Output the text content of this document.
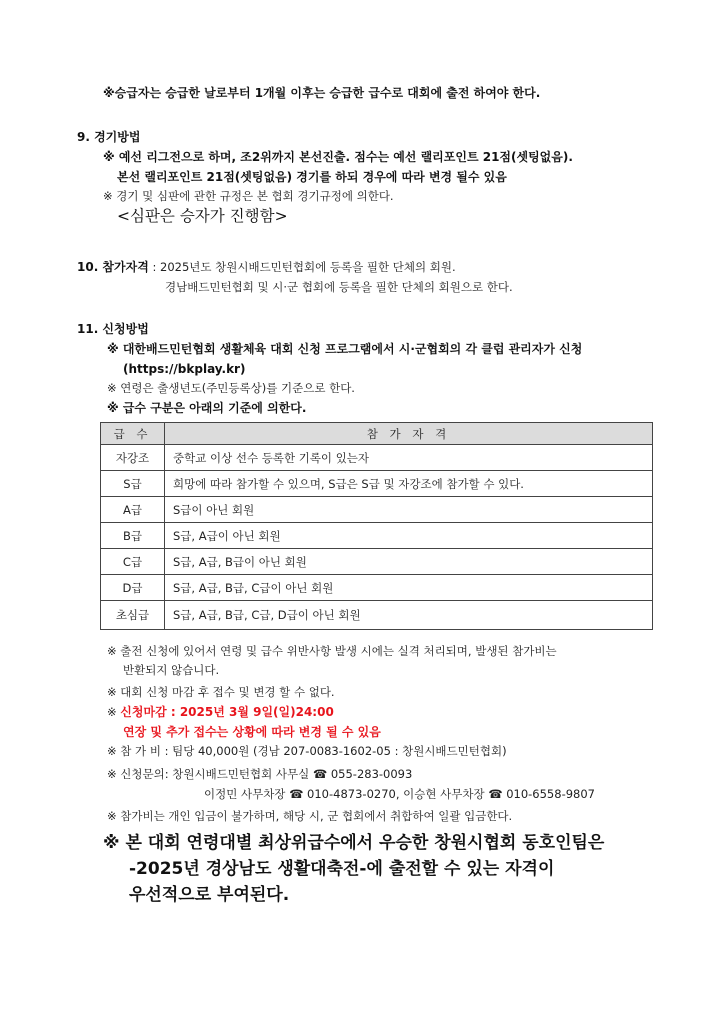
※승급자는 승급한 날로부터 1개월 이후는 승급한 급수로 대회에 출전 하여야 한다.
9. 경기방법
※ 예선 리그전으로 하며, 조2위까지 본선진출. 점수는 예선 랠리포인트 21점(셋팅없음).
본선 랠리포인트 21점(셋팅없음) 경기를 하되 경우에 따라 변경 될수 있음
※ 경기 및 심판에 관한 규정은 본 협회 경기규정에 의한다.
<심판은 승자가 진행함>
10. 참가자격 : 2025년도 창원시배드민턴협회에 등록을 필한 단체의 회원.
경남배드민턴협회 및 시·군 협회에 등록을 필한 단체의 회원으로 한다.
11. 신청방법
※ 대한배드민턴협회 생활체육 대회 신청 프로그램에서 시·군협회의 각 클럽 관리자가 신청
(https://bkplay.kr)
※ 연령은 출생년도(주민등록상)를 기준으로 한다.
※ 급수 구분은 아래의 기준에 의한다.
급 수	참 가 자 격
자강조	중학교 이상 선수 등록한 기록이 있는자
S급	희망에 따라 참가할 수 있으며, S급은 S급 및 자강조에 참가할 수 있다.
A급	S급이 아닌 회원
B급	S급, A급이 아닌 회원
C급	S급, A급, B급이 아닌 회원
D급	S급, A급, B급, C급이 아닌 회원
초심급	S급, A급, B급, C급, D급이 아닌 회원
※ 출전 신청에 있어서 연령 및 급수 위반사항 발생 시에는 실격 처리되며, 발생된 참가비는
반환되지 않습니다.
※ 대회 신청 마감 후 접수 및 변경 할 수 없다.
※ 신청마감 : 2025년 3월 9일(일)24:00
연장 및 추가 접수는 상황에 따라 변경 될 수 있음
※ 참 가 비 : 팀당 40,000원 (경남 207-0083-1602-05 : 창원시배드민턴협회)
※ 신청문의: 창원시배드민턴협회 사무실 ☎ 055-283-0093
이정민 사무차장 ☎ 010-4873-0270, 이승현 사무차장 ☎ 010-6558-9807
※ 참가비는 개인 입금이 불가하며, 해당 시, 군 협회에서 취합하여 일괄 입금한다.
※ 본 대회 연령대별 최상위급수에서 우승한 창원시협회 동호인팀은
-2025년 경상남도 생활대축전-에 출전할 수 있는 자격이
우선적으로 부여된다.
